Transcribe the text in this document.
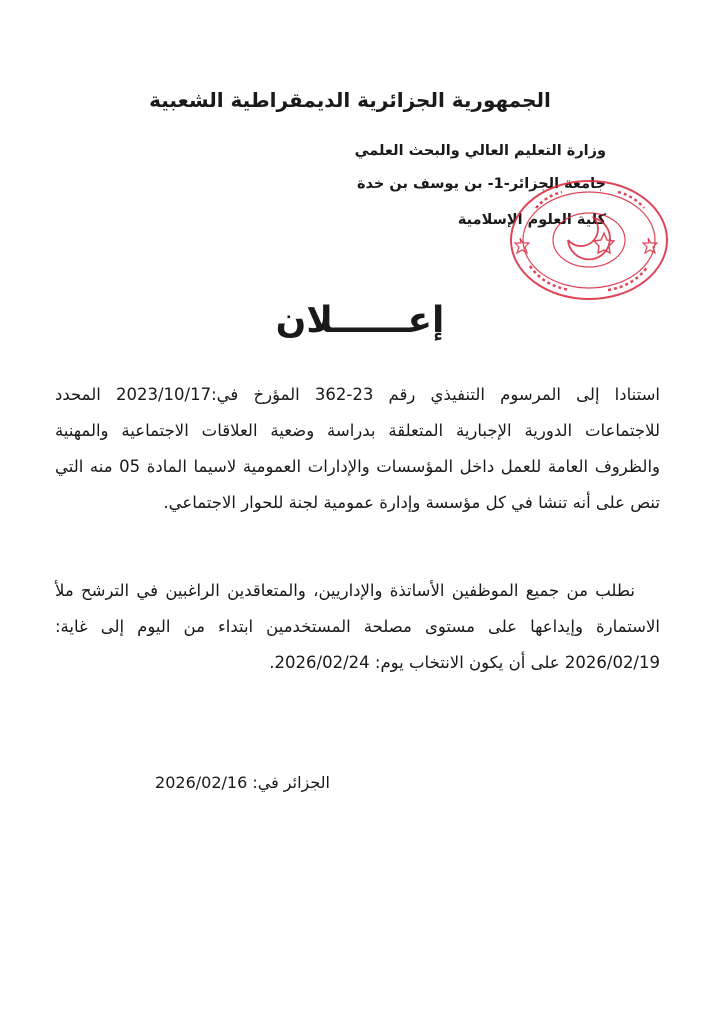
الجمهورية الجزائرية الديمقراطية الشعبية
وزارة التعليم العالي والبحث العلمي
جامعة الجزائر-1- بن يوسف بن خدة
كلية العلوم الإسلامية
إعــــــلان
استنادا إلى المرسوم التنفيذي رقم 23-362 المؤرخ في:2023/10/17 المحدد للاجتماعات الدورية الإجبارية المتعلقة بدراسة وضعية العلاقات الاجتماعية والمهنية والظروف العامة للعمل داخل المؤسسات والإدارات العمومية لاسيما المادة 05 منه التي تنص على أنه تنشا في كل مؤسسة وإدارة عمومية لجنة للحوار الاجتماعي.
نطلب من جميع الموظفين الأساتذة والإداريين، والمتعاقدين الراغبين في الترشح ملأ الاستمارة وإيداعها على مستوى مصلحة المستخدمين ابتداء من اليوم إلى غاية: 2026/02/19 على أن يكون الانتخاب يوم: 2026/02/24.
الجزائر في: 2026/02/16
